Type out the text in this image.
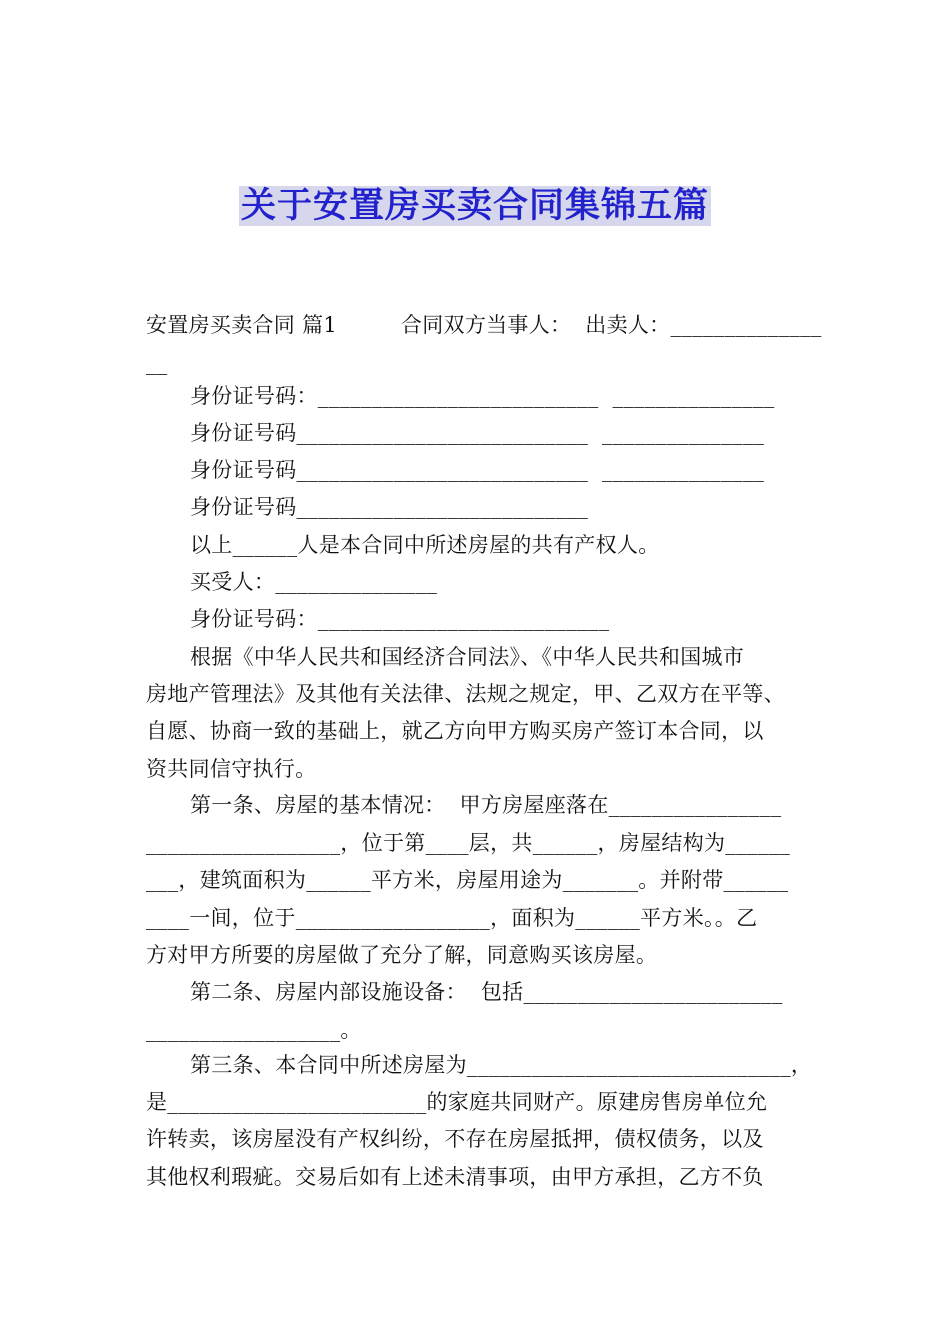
关于安置房买卖合同集锦五篇
安置房买卖合同 篇1　　　合同双方当事人：  出卖人：______________
__
身份证号码：__________________________  _______________
身份证号码___________________________  _______________
身份证号码___________________________  _______________
身份证号码___________________________
以上______人是本合同中所述房屋的共有产权人。
买受人：_______________
身份证号码：___________________________
根据《中华人民共和国经济合同法》、《中华人民共和国城市
房地产管理法》及其他有关法律、法规之规定，甲、乙双方在平等、
自愿、协商一致的基础上，就乙方向甲方购买房产签订本合同，以
资共同信守执行。
第一条、房屋的基本情况：  甲方房屋座落在________________
__________________，位于第____层，共______，房屋结构为______
___，建筑面积为______平方米，房屋用途为_______。并附带______
____一间，位于__________________，面积为______平方米。。乙
方对甲方所要的房屋做了充分了解，同意购买该房屋。
第二条、房屋内部设施设备：  包括________________________
__________________。
第三条、本合同中所述房屋为______________________________，
是________________________的家庭共同财产。原建房售房单位允
许转卖，该房屋没有产权纠纷，不存在房屋抵押，债权债务，以及
其他权利瑕疵。交易后如有上述未清事项，由甲方承担，乙方不负
